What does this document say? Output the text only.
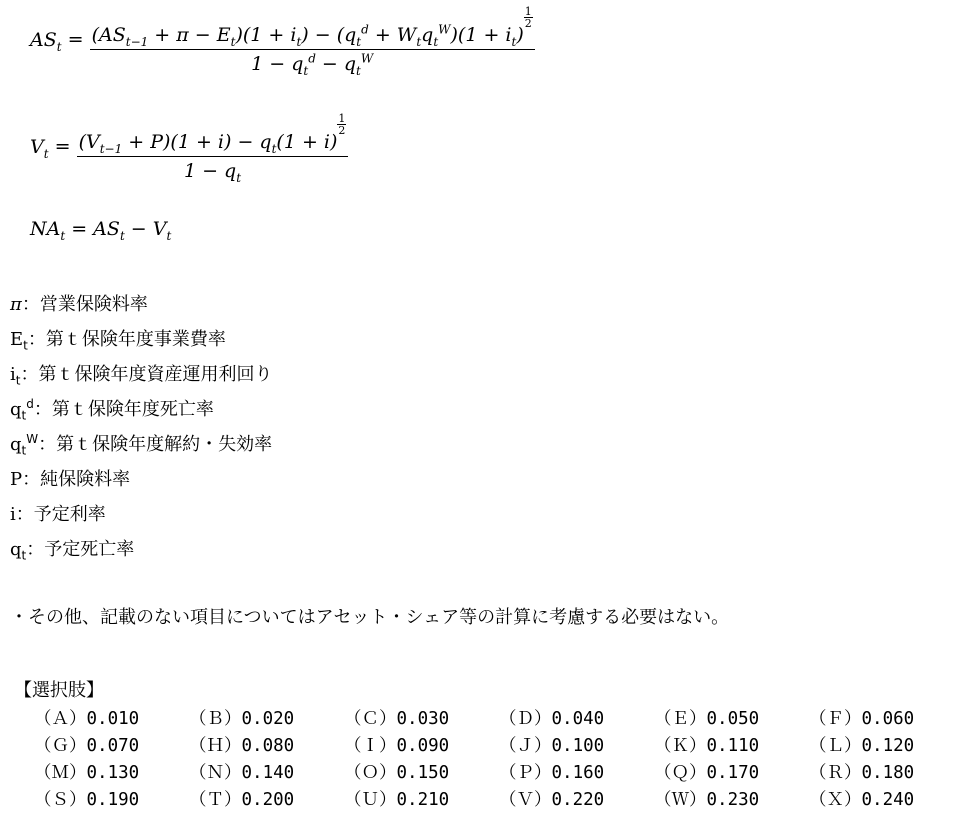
$AS_t = (AS_{t-1} + \pi - E_t)(1 + i_t) - (q_t^d + W_tq_t^W)(1 + i_t)$
$\frac{1}{2}$
$1 - q_t^d - q_t^W$
$V_t = (V_{t-1} + P)(1 + i) - q_t(1 + i)$
$\frac{1}{2}$
$1 - q_t$
$NA_t = AS_t - V_t$
π：営業保険料率
$E_t$：第ｔ保険年度事業費率
$i_t$：第ｔ保険年度資産運用利回り
$q_t^d$：第ｔ保険年度死亡率
$q_t^W$：第ｔ保険年度解約・失効率
P：純保険料率
i：予定利率
$q_t$：予定死亡率
・その他、記載のない項目についてはアセット・シェア等の計算に考慮する必要はない。
【選択肢】
（Ａ）0.010	（Ｂ）0.020	（Ｃ）0.030	（Ｄ）0.040	（Ｅ）0.050	（Ｆ）0.060
（Ｇ）0.070	（Ｈ）0.080	（Ｉ）0.090	（Ｊ）0.100	（Ｋ）0.110	（Ｌ）0.120
（Ｍ）0.130	（Ｎ）0.140	（Ｏ）0.150	（Ｐ）0.160	（Ｑ）0.170	（Ｒ）0.180
（Ｓ）0.190	（Ｔ）0.200	（Ｕ）0.210	（Ｖ）0.220	（Ｗ）0.230	（Ｘ）0.240
